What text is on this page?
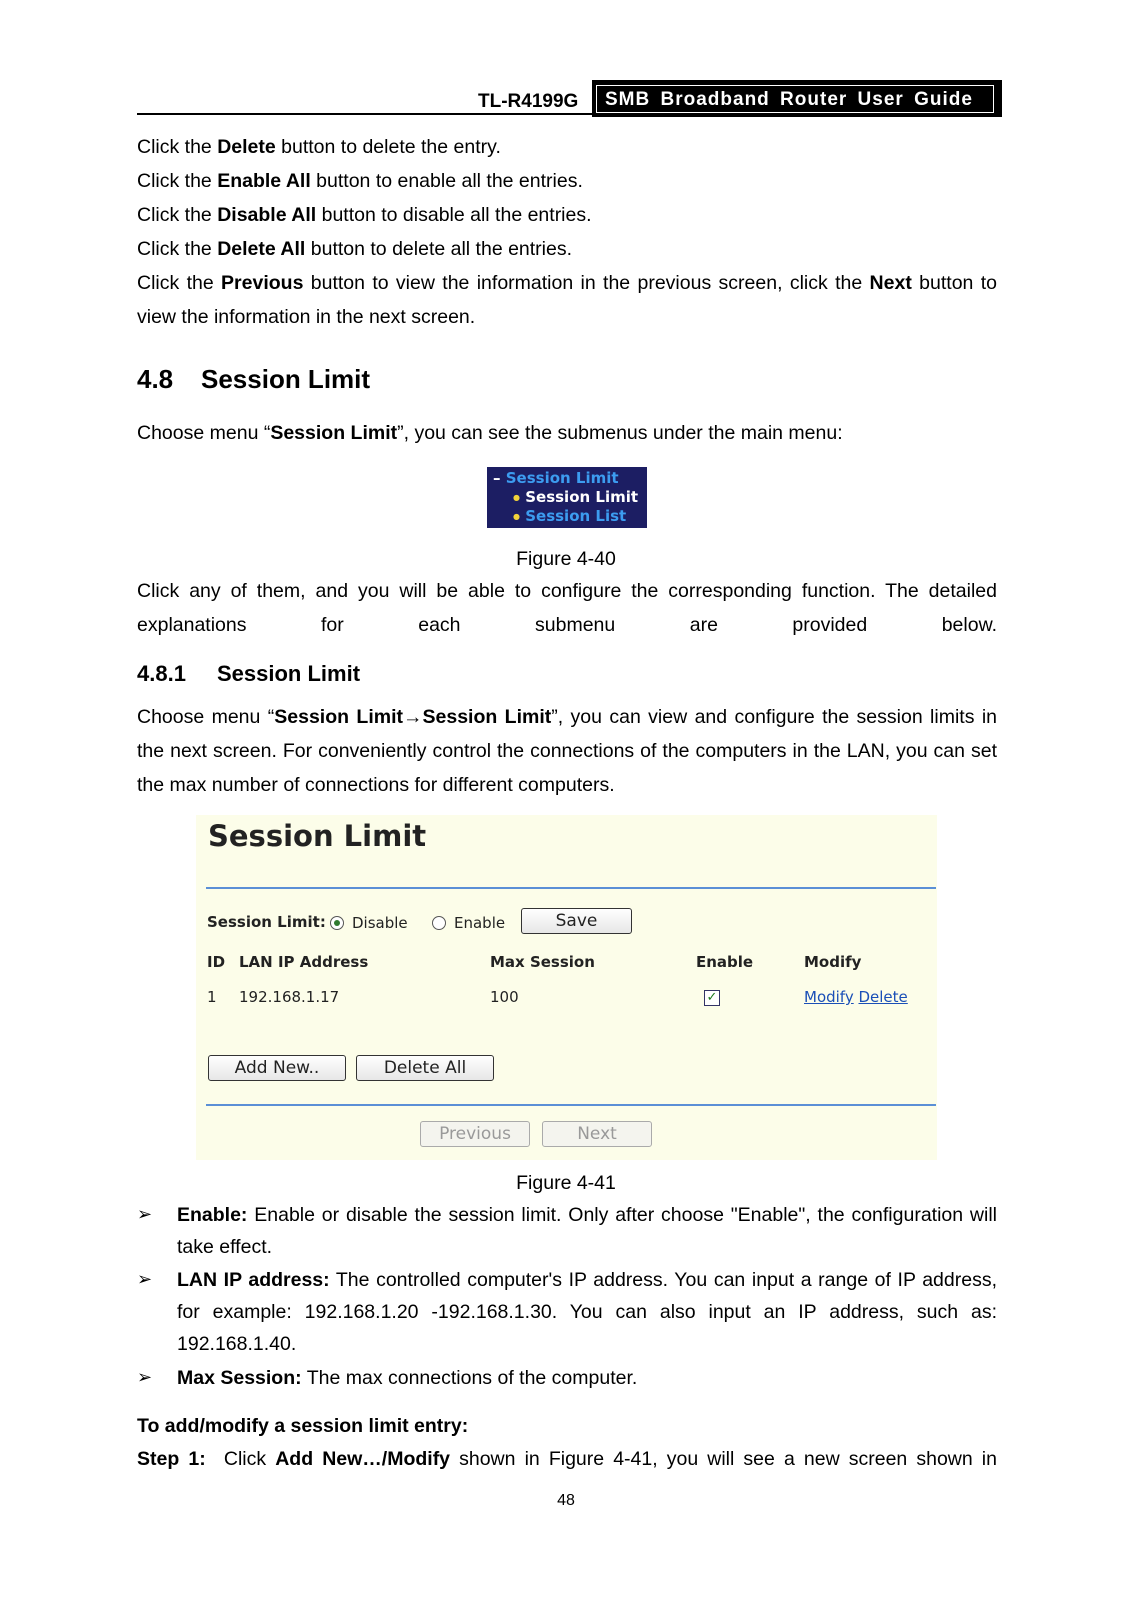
TL-R4199G	SMB Broadband Router User Guide
Click the Delete button to delete the entry.
Click the Enable All button to enable all the entries.
Click the Disable All button to disable all the entries.
Click the Delete All button to delete all the entries.
Click the Previous button to view the information in the previous screen, click the Next button to view the information in the next screen.
4.8 Session Limit
Choose menu “Session Limit”, you can see the submenus under the main menu:
– Session Limit
● Session Limit
● Session List
Figure 4-40
Click any of them, and you will be able to configure the corresponding function. The detailed explanations for each submenu are provided below.
4.8.1 Session Limit
Choose menu “Session Limit→Session Limit”, you can view and configure the session limits in the next screen. For conveniently control the connections of the computers in the LAN, you can set the max number of connections for different computers.
Session Limit
Session Limit: Disable	Enable	Save
ID LAN IP Address	Max Session	Enable	Modify
1 192.168.1.17	100	✓	Modify Delete
Add New..	Delete All
Previous	Next
Figure 4-41
➢ Enable: Enable or disable the session limit. Only after choose "Enable", the configuration will take effect.
➢ LAN IP address: The controlled computer's IP address. You can input a range of IP address, for example: 192.168.1.20 -192.168.1.30. You can also input an IP address, such as: 192.168.1.40.
➢ Max Session: The max connections of the computer.
To add/modify a session limit entry:
Step 1:  Click Add New…/Modify shown in Figure 4-41, you will see a new screen shown in
48
